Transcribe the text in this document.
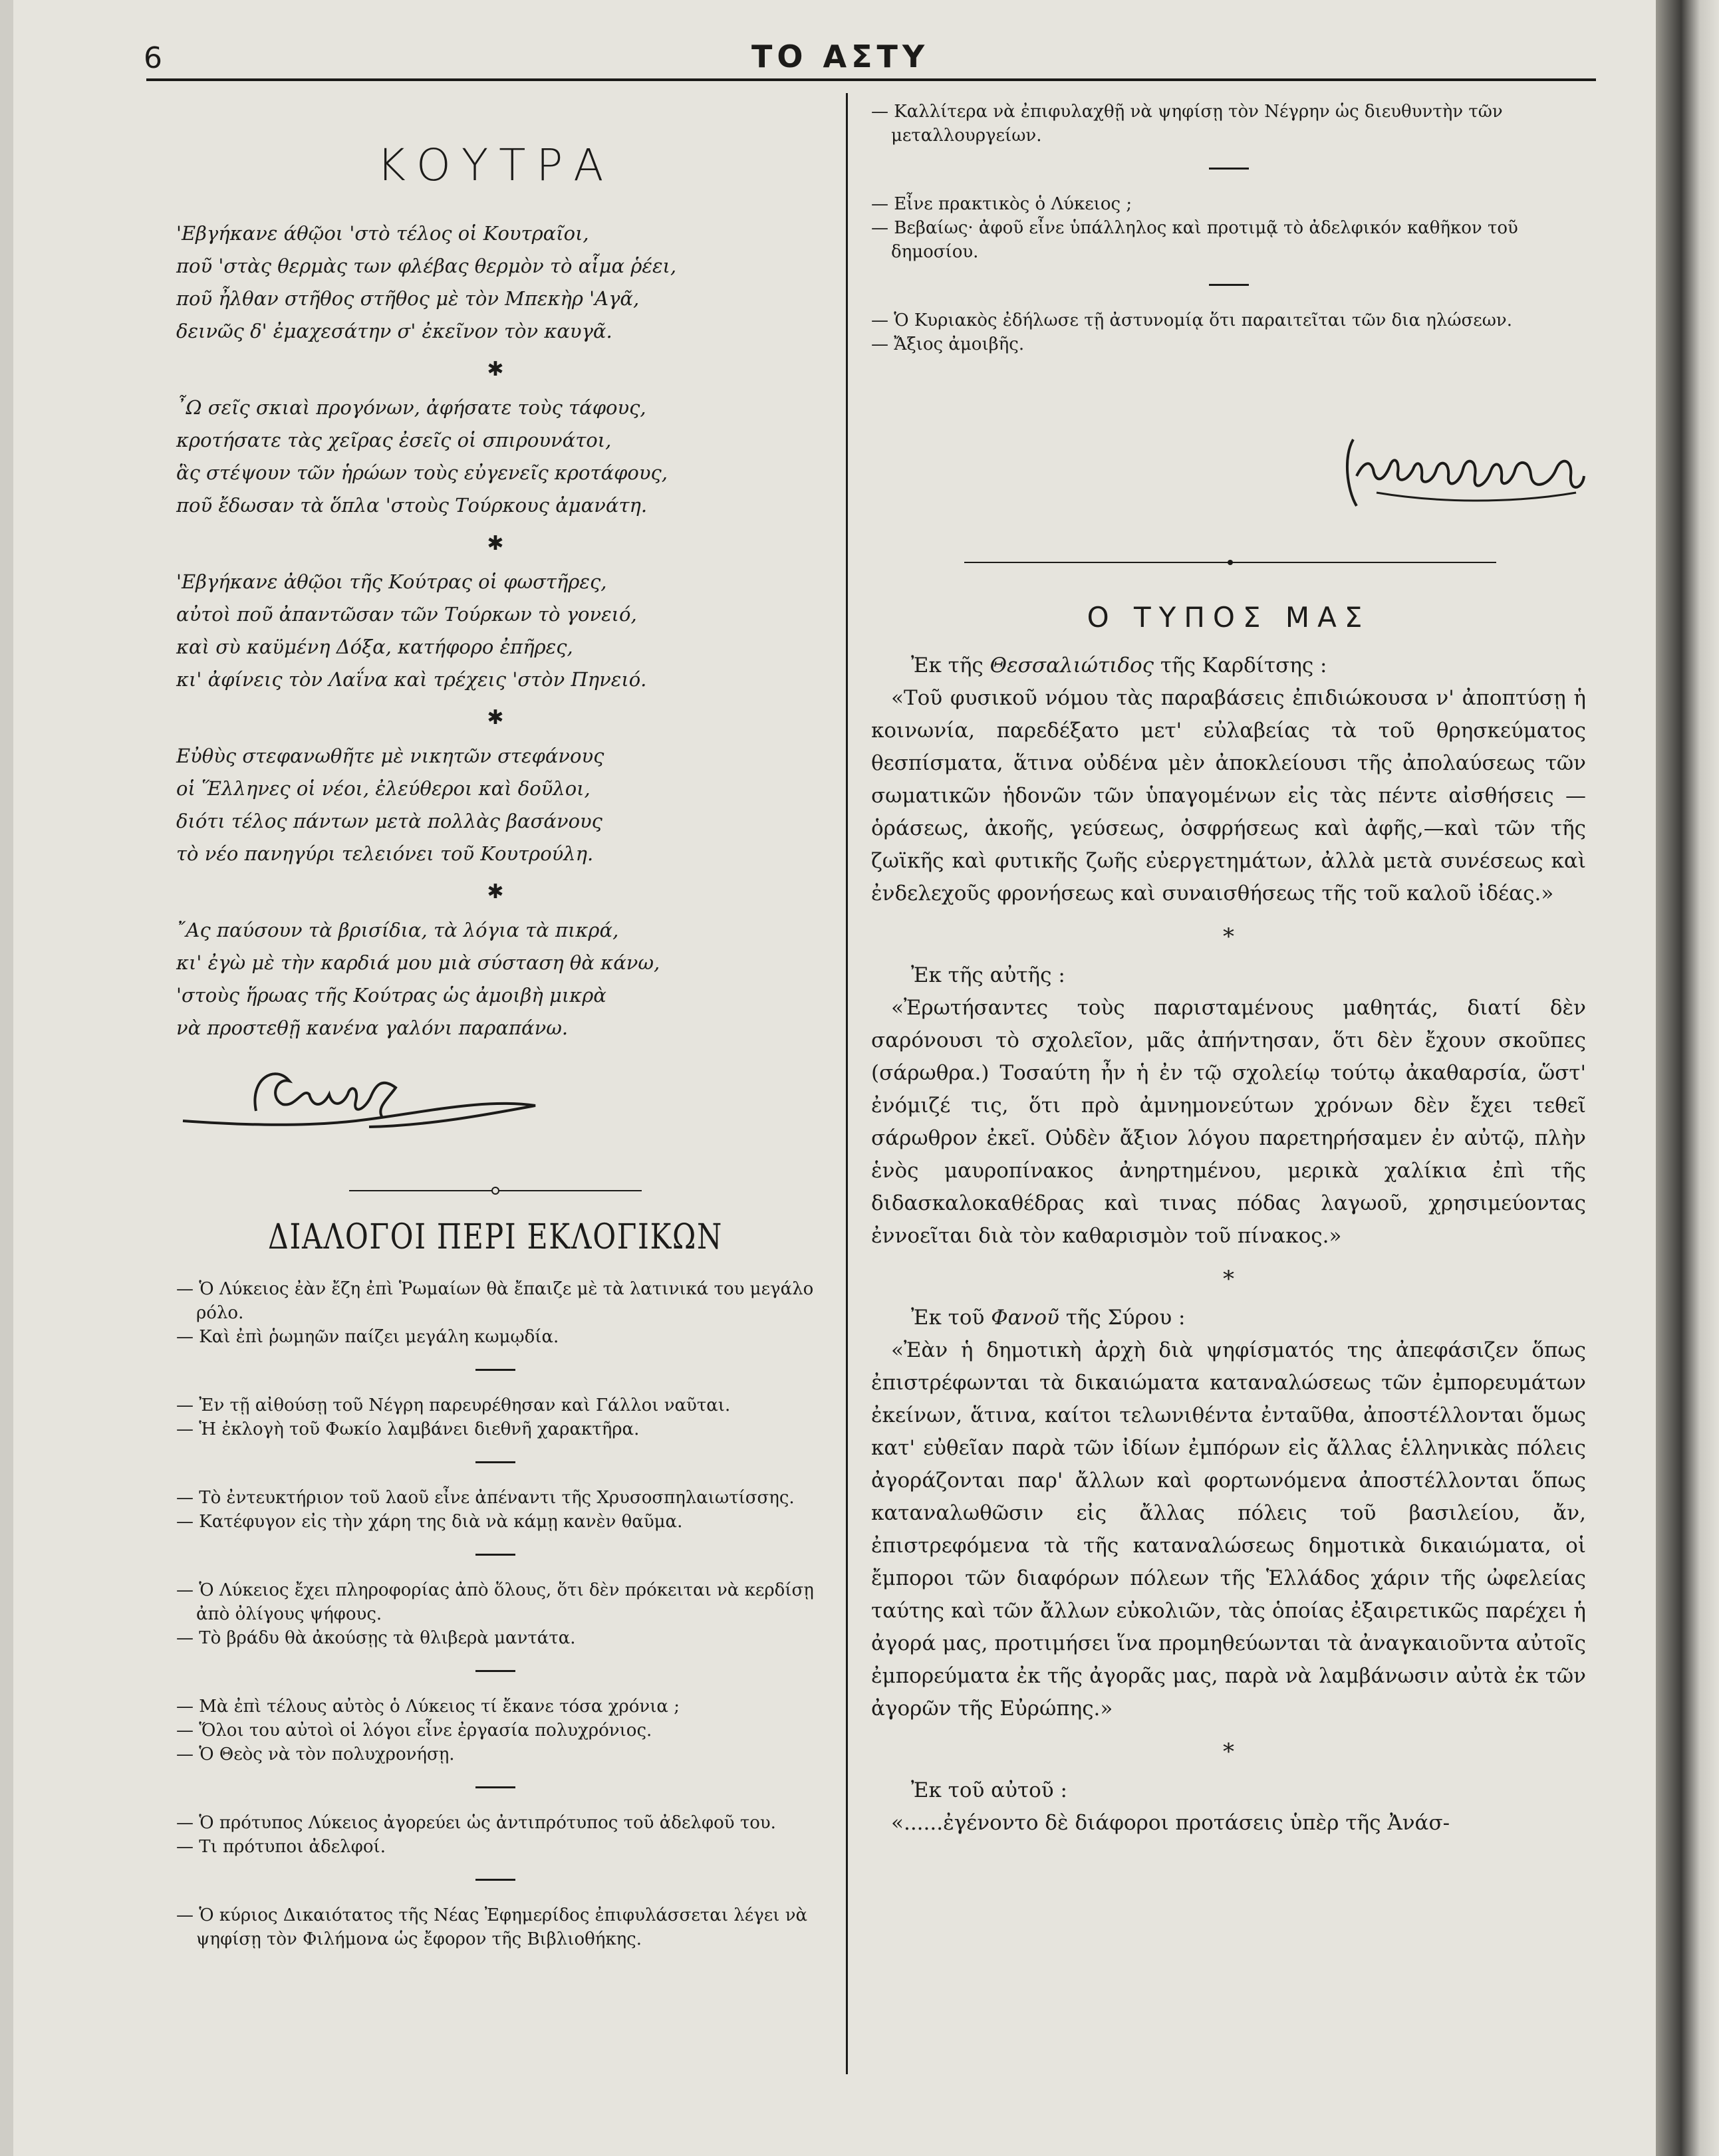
6	ΤΟ ΑΣΤΥ
ΚΟΥΤΡΑ

'Εβγήκανε άθῷοι 'στὸ τέλος οἱ Κουτραῖοι,

ποῦ 'στὰς θερμὰς των φλέβας θερμὸν τὸ αἷμα ῥέει,

ποῦ ἦλθαν στῆθος στῆθος μὲ τὸν Μπεκὴρ 'Αγᾶ,

δεινῶς δ' ἐμαχεσάτην σ' ἐκεῖνον τὸν καυγᾶ.

✱

῏Ω σεῖς σκιαὶ προγόνων, ἀφήσατε τοὺς τάφους,

κροτήσατε τὰς χεῖρας ἐσεῖς οἱ σπιρουνάτοι,

ἃς στέψουν τῶν ἡρώων τοὺς εὐγενεῖς κροτάφους,

ποῦ ἔδωσαν τὰ ὅπλα 'στοὺς Τούρκους ἀμανάτη.

✱

'Εβγήκανε ἀθῷοι τῆς Κούτρας οἱ φωστῆρες,

αὐτοὶ ποῦ ἀπαντῶσαν τῶν Τούρκων τὸ γονειό,

καὶ σὺ καϋμένη Δόξα, κατήφορο ἐπῆρες,

κι' ἀφίνεις τὸν Λαΐνα καὶ τρέχεις 'στὸν Πηνειό.

✱

Εὐθὺς στεφανωθῆτε μὲ νικητῶν στεφάνους

οἱ Ἕλληνες οἱ νέοι, ἐλεύθεροι καὶ δοῦλοι,

διότι τέλος πάντων μετὰ πολλὰς βασάνους

τὸ νέο πανηγύρι τελειόνει τοῦ Κουτρούλη.

✱

῎Ας παύσουν τὰ βρισίδια, τὰ λόγια τὰ πικρά,

κι' ἐγὼ μὲ τὴν καρδιά μου μιὰ σύσταση θὰ κάνω,

'στοὺς ἥρωας τῆς Κούτρας ὡς ἀμοιβὴ μικρὰ

νὰ προστεθῇ κανένα γαλόνι παραπάνω.

ΔΙΑΛΟΓΟΙ ΠΕΡΙ ΕΚΛΟΓΙΚΩΝ

— Ὁ Λύκειος ἐὰν ἔζη ἐπὶ Ῥωμαίων θὰ ἔπαιζε μὲ τὰ λατινικά του μεγάλο ρόλο.

— Καὶ ἐπὶ ῥωμηῶν παίζει μεγάλη κωμῳδία.

— Ἐν τῇ αἰθούσῃ τοῦ Νέγρη παρευρέθησαν καὶ Γάλλοι ναῦται.

— Ἡ ἐκλογὴ τοῦ Φωκίο λαμβάνει διεθνῆ χαρακτῆρα.

— Τὸ ἐντευκτήριον τοῦ λαοῦ εἶνε ἀπέναντι τῆς Χρυσοσπηλαιωτίσσης.

— Κατέφυγον εἰς τὴν χάρη της διὰ νὰ κάμῃ κανὲν θαῦμα.

— Ὁ Λύκειος ἔχει πληροφορίας ἀπὸ ὅλους, ὅτι δὲν πρόκειται νὰ κερδίσῃ ἀπὸ ὀλίγους ψήφους.

— Τὸ βράδυ θὰ ἀκούσῃς τὰ θλιβερὰ μαντάτα.

— Μὰ ἐπὶ τέλους αὐτὸς ὁ Λύκειος τί ἔκανε τόσα χρόνια ;

— Ὅλοι του αὐτοὶ οἱ λόγοι εἶνε ἐργασία πολυχρόνιος.

— Ὁ Θεὸς νὰ τὸν πολυχρονήσῃ.

— Ὁ πρότυπος Λύκειος ἀγορεύει ὡς ἀντιπρότυπος τοῦ ἀδελφοῦ του.

— Τι πρότυποι ἀδελφοί.

— Ὁ κύριος Δικαιότατος τῆς Νέας Ἐφημερίδος ἐπιφυλάσσεται λέγει νὰ ψηφίσῃ τὸν Φιλήμονα ὡς ἔφορον τῆς Βιβλιοθήκης.

— Καλλίτερα νὰ ἐπιφυλαχθῇ νὰ ψηφίσῃ τὸν Νέγρην ὡς διευθυντὴν τῶν μεταλλουργείων.

— Εἶνε πρακτικὸς ὁ Λύκειος ;

— Βεβαίως· ἀφοῦ εἶνε ὑπάλληλος καὶ προτιμᾷ τὸ ἀδελφικόν καθῆκον τοῦ δημοσίου.

— Ὁ Κυριακὸς ἐδήλωσε τῇ ἀστυνομίᾳ ὅτι παραιτεῖται τῶν δια ηλώσεων.

— Ἄξιος ἀμοιβῆς.

Ο ΤΥΠΟΣ ΜΑΣ

Ἐκ τῆς Θεσσαλιώτιδος τῆς Καρδίτσης :

«Τοῦ φυσικοῦ νόμου τὰς παραβάσεις ἐπιδιώκουσα ν' ἀποπτύσῃ ἡ κοινωνία, παρεδέξατο μετ' εὐλαβείας τὰ τοῦ θρησκεύματος θεσπίσματα, ἅτινα οὐδένα μὲν ἀποκλείουσι τῆς ἀπολαύσεως τῶν σωματικῶν ἡδονῶν τῶν ὑπαγομένων εἰς τὰς πέντε αἰσθήσεις — ὁράσεως, ἀκοῆς, γεύσεως, ὀσφρήσεως καὶ ἀφῆς,—καὶ τῶν τῆς ζωϊκῆς καὶ φυτικῆς ζωῆς εὐεργετημάτων, ἀλλὰ μετὰ συνέσεως καὶ ἐνδελεχοῦς φρονήσεως καὶ συναισθήσεως τῆς τοῦ καλοῦ ἰδέας.»

*

Ἐκ τῆς αὐτῆς :

«Ἐρωτήσαντες τοὺς παρισταμένους μαθητάς, διατί δὲν σαρόνουσι τὸ σχολεῖον, μᾶς ἀπήντησαν, ὅτι δὲν ἔχουν σκοῦπες (σάρωθρα.) Τοσαύτη ἦν ἡ ἐν τῷ σχολείῳ τούτῳ ἀκαθαρσία, ὥστ' ἐνόμιζέ τις, ὅτι πρὸ ἀμνημονεύτων χρόνων δὲν ἔχει τεθεῖ σάρωθρον ἐκεῖ. Οὐδὲν ἄξιον λόγου παρετηρήσαμεν ἐν αὐτῷ, πλὴν ἑνὸς μαυροπίνακος ἀνηρτημένου, μερικὰ χαλίκια ἐπὶ τῆς διδασκαλοκαθέδρας καὶ τινας πόδας λαγωοῦ, χρησιμεύοντας ἐννοεῖται διὰ τὸν καθαρισμὸν τοῦ πίνακος.»

*

Ἐκ τοῦ Φανοῦ τῆς Σύρου :

«Ἐὰν ἡ δημοτικὴ ἀρχὴ διὰ ψηφίσματός της ἀπεφάσιζεν ὅπως ἐπιστρέφωνται τὰ δικαιώματα καταναλώσεως τῶν ἐμπορευμάτων ἐκείνων, ἅτινα, καίτοι τελωνιθέντα ἐνταῦθα, ἀποστέλλονται ὅμως κατ' εὐθεῖαν παρὰ τῶν ἰδίων ἐμπόρων εἰς ἄλλας ἑλληνικὰς πόλεις ἀγοράζονται παρ' ἄλλων καὶ φορτωνόμενα ἀποστέλλονται ὅπως καταναλωθῶσιν εἰς ἄλλας πόλεις τοῦ βασιλείου, ἄν, ἐπιστρεφόμενα τὰ τῆς καταναλώσεως δημοτικὰ δικαιώματα, οἱ ἔμποροι τῶν διαφόρων πόλεων τῆς Ἑλλάδος χάριν τῆς ὠφελείας ταύτης καὶ τῶν ἄλλων εὐκολιῶν, τὰς ὁποίας ἐξαιρετικῶς παρέχει ἡ ἀγορά μας, προτιμήσει ἵνα προμηθεύωνται τὰ ἀναγκαιοῦντα αὐτοῖς ἐμπορεύματα ἐκ τῆς ἀγορᾶς μας, παρὰ νὰ λαμβάνωσιν αὐτὰ ἐκ τῶν ἀγορῶν τῆς Εὐρώπης.»

*

Ἐκ τοῦ αὐτοῦ :

«......ἐγένοντο δὲ διάφοροι προτάσεις ὑπὲρ τῆς Ἀνάσ-
